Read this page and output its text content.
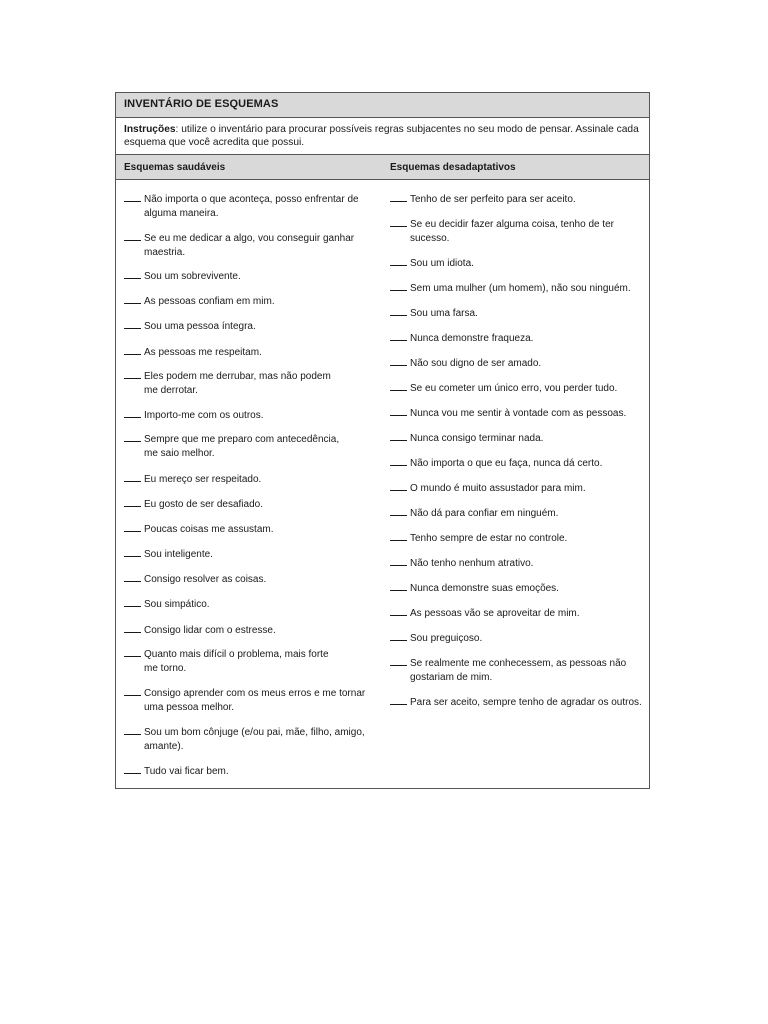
INVENTÁRIO DE ESQUEMAS
Instruções: utilize o inventário para procurar possíveis regras subjacentes no seu modo de pensar. Assinale cada
esquema que você acredita que possui.
Esquemas saudáveis	Esquemas desadaptativos
Não importa o que aconteça, posso enfrentar de
alguma maneira.
Se eu me dedicar a algo, vou conseguir ganhar
maestria.
Sou um sobrevivente.
As pessoas confiam em mim.
Sou uma pessoa íntegra.
As pessoas me respeitam.
Eles podem me derrubar, mas não podem
me derrotar.
Importo-me com os outros.
Sempre que me preparo com antecedência,
me saio melhor.
Eu mereço ser respeitado.
Eu gosto de ser desafiado.
Poucas coisas me assustam.
Sou inteligente.
Consigo resolver as coisas.
Sou simpático.
Consigo lidar com o estresse.
Quanto mais difícil o problema, mais forte
me torno.
Consigo aprender com os meus erros e me tornar
uma pessoa melhor.
Sou um bom cônjuge (e/ou pai, mãe, filho, amigo,
amante).
Tudo vai ficar bem.
Tenho de ser perfeito para ser aceito.
Se eu decidir fazer alguma coisa, tenho de ter
sucesso.
Sou um idiota.
Sem uma mulher (um homem), não sou ninguém.
Sou uma farsa.
Nunca demonstre fraqueza.
Não sou digno de ser amado.
Se eu cometer um único erro, vou perder tudo.
Nunca vou me sentir à vontade com as pessoas.
Nunca consigo terminar nada.
Não importa o que eu faça, nunca dá certo.
O mundo é muito assustador para mim.
Não dá para confiar em ninguém.
Tenho sempre de estar no controle.
Não tenho nenhum atrativo.
Nunca demonstre suas emoções.
As pessoas vão se aproveitar de mim.
Sou preguiçoso.
Se realmente me conhecessem, as pessoas não
gostariam de mim.
Para ser aceito, sempre tenho de agradar os outros.
